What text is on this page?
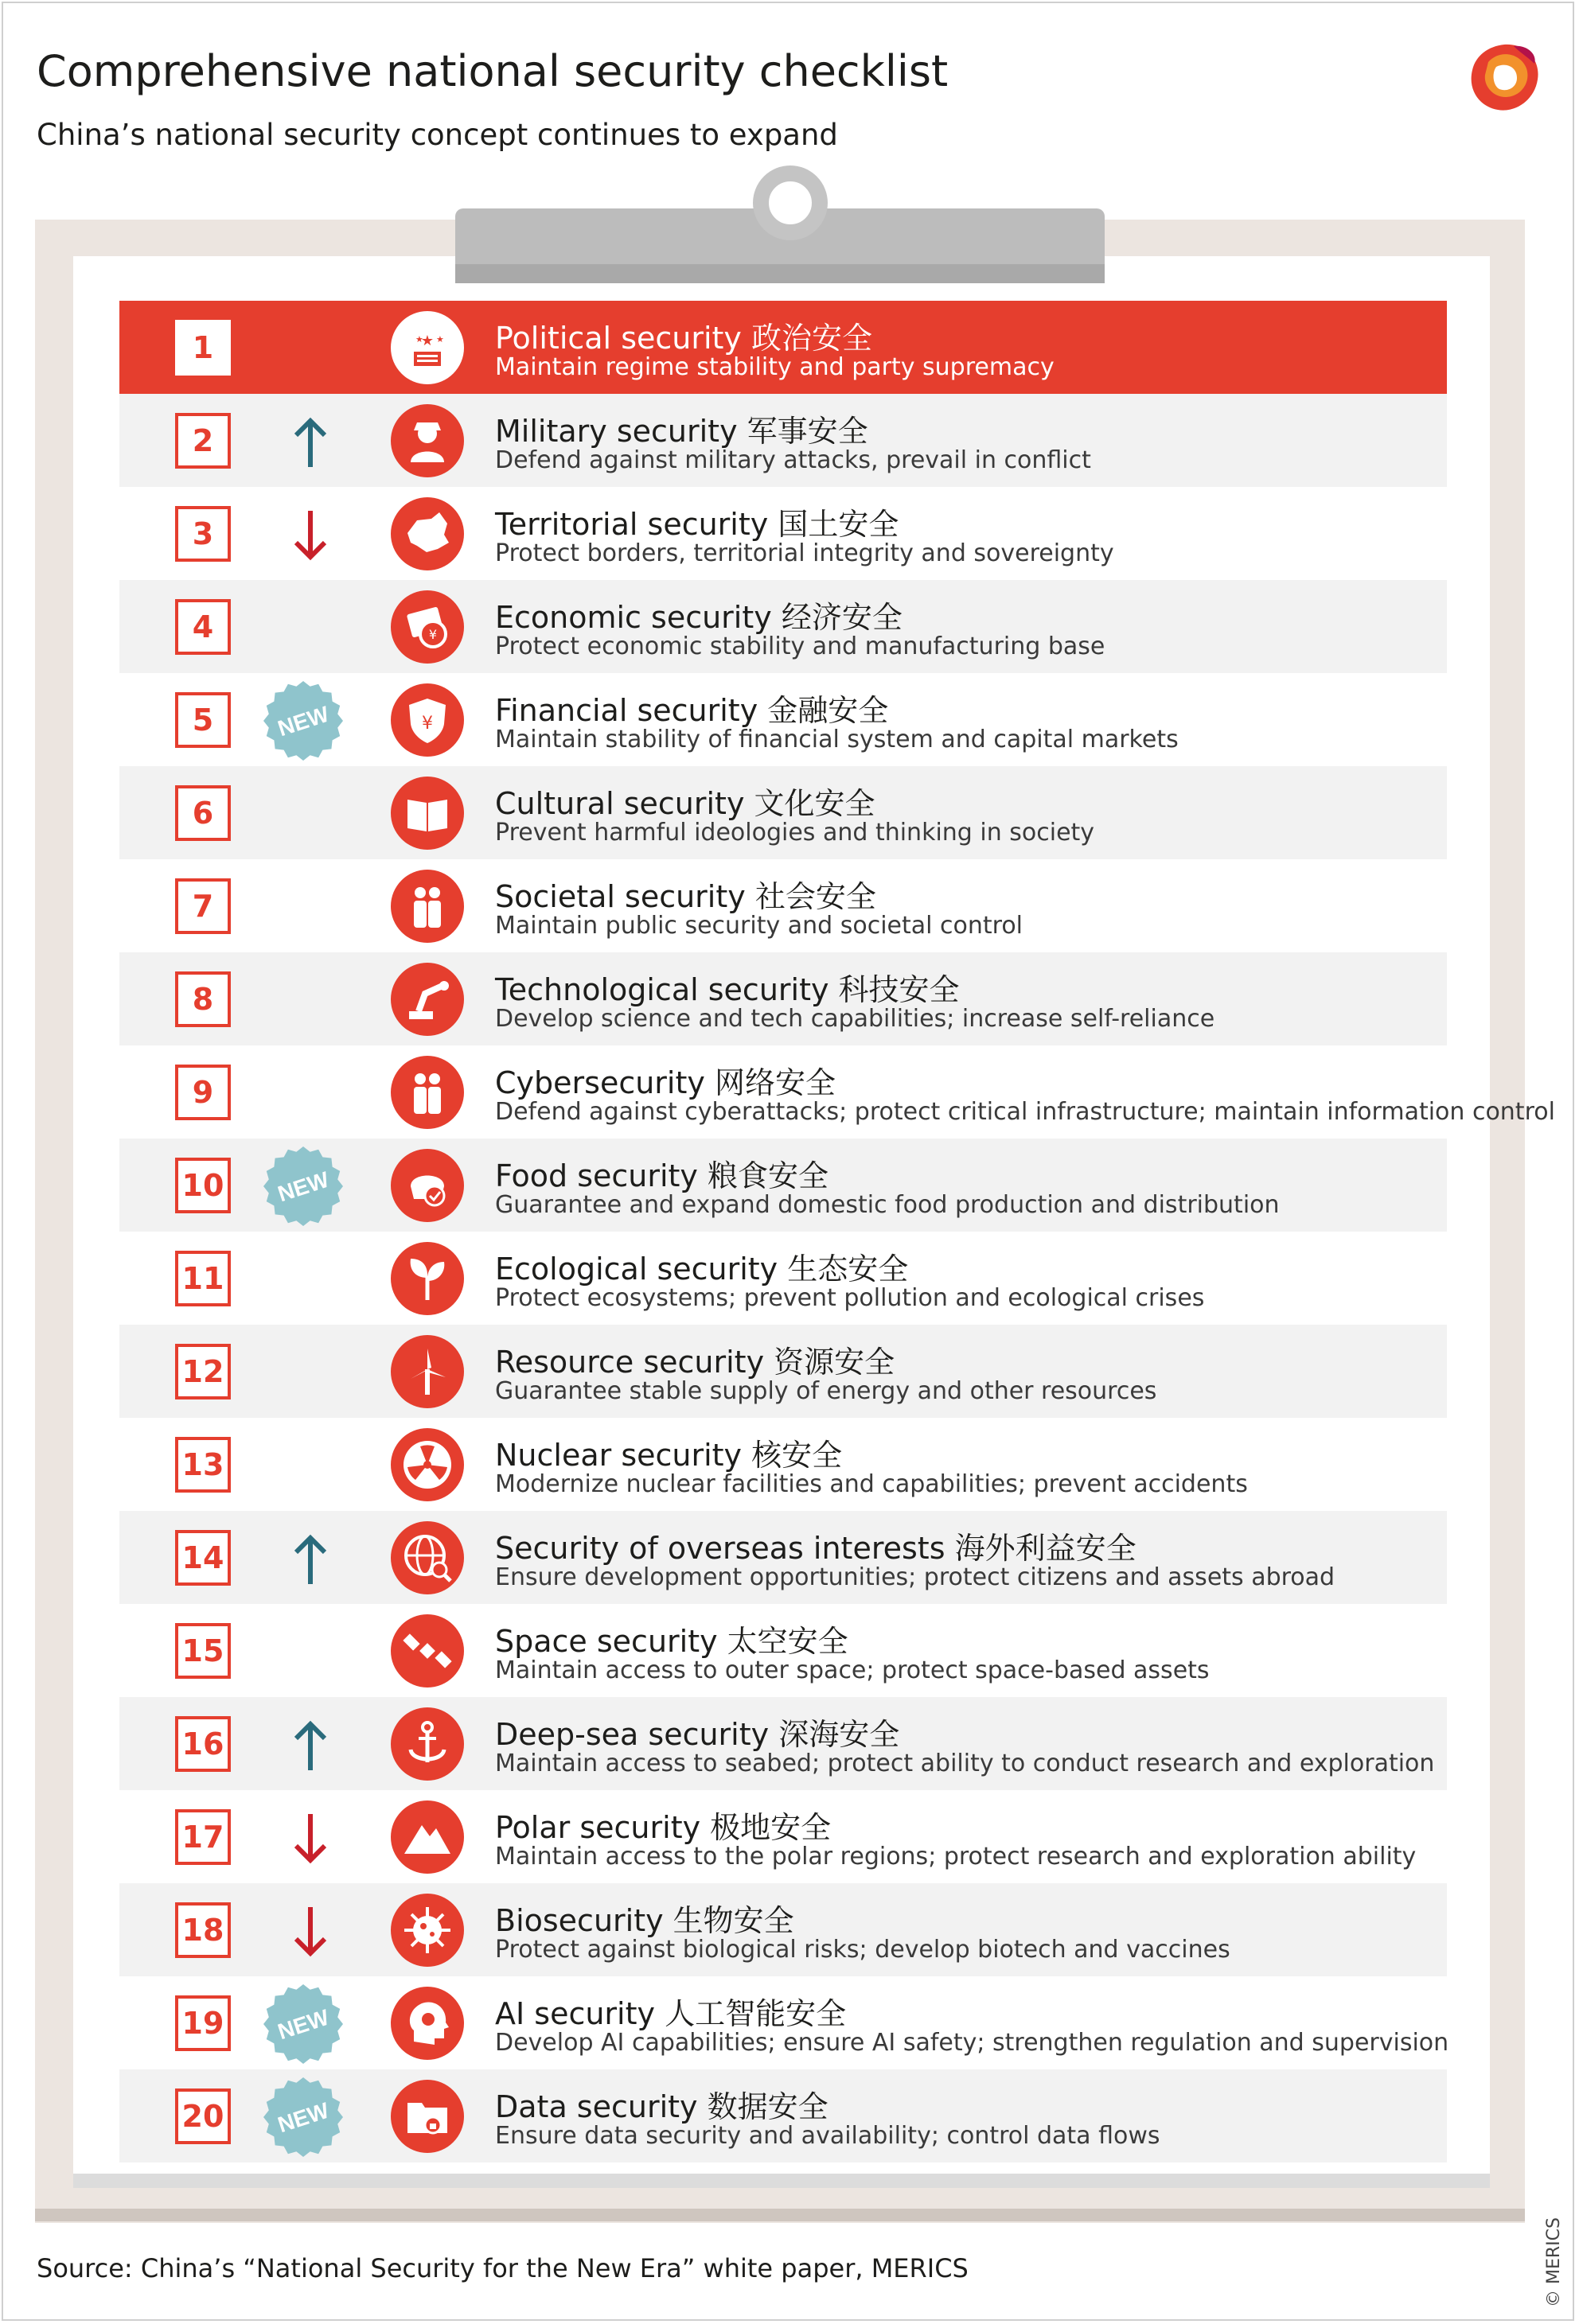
Comprehensive national security checklist
China’s national security concept continues to expand
1	★
★ ★ Political security 政治安全
Maintain regime stability and party supremacy
2	Military security 军事安全
Defend against military attacks, prevail in conflict
3	Territorial security 国土安全
Protect borders, territorial integrity and sovereignty
4	¥ Economic security 经济安全
Protect economic stability and manufacturing base
5	NEW	¥ Financial security 金融安全
Maintain stability of financial system and capital markets
6	Cultural security 文化安全
Prevent harmful ideologies and thinking in society
7	Societal security 社会安全
Maintain public security and societal control
8	Technological security 科技安全
Develop science and tech capabilities; increase self-reliance
9	Cybersecurity 网络安全
Defend against cyberattacks; protect critical infrastructure; maintain information control
10	NEW	Food security 粮食安全
Guarantee and expand domestic food production and distribution
11	Ecological security 生态安全
Protect ecosystems; prevent pollution and ecological crises
12	Resource security 资源安全
Guarantee stable supply of energy and other resources
13	Nuclear security 核安全
Modernize nuclear facilities and capabilities; prevent accidents
14	Security of overseas interests 海外利益安全
Ensure development opportunities; protect citizens and assets abroad
15	Space security 太空安全
Maintain access to outer space; protect space-based assets
16	Deep-sea security 深海安全
Maintain access to seabed; protect ability to conduct research and exploration
17	Polar security 极地安全
Maintain access to the polar regions; protect research and exploration ability
18	Biosecurity 生物安全
Protect against biological risks; develop biotech and vaccines
19	NEW	AI security 人工智能安全
Develop AI capabilities; ensure AI safety; strengthen regulation and supervision
20	NEW	Data security 数据安全
Ensure data security and availability; control data flows
Source: China’s “National Security for the New Era” white paper, MERICS	© MERICS
